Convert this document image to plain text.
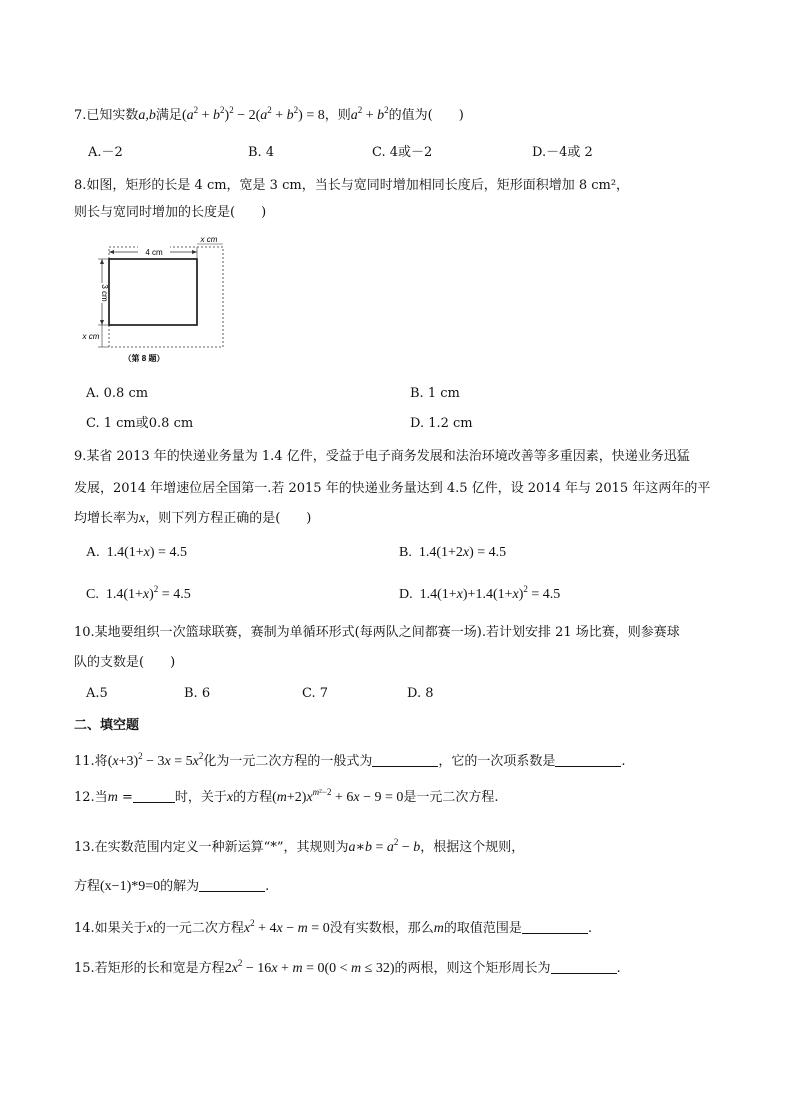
7.已知实数a,b满足$(a^2 + b^2)^2 - 2(a^2 + b^2) = 8$，则$a^2 + b^2$的值为(　　)
A.－2	B. 4	C. 4或－2	D.－4或 2
8.如图，矩形的长是 4 cm，宽是 3 cm，当长与宽同时增加相同长度后，矩形面积增加 8 cm²，
则长与宽同时增加的长度是(　　)
4 cm
x cm
3 cm
x cm
（第 8 题）
A. 0.8 cm	B. 1 cm
C. 1 cm或0.8 cm	D. 1.2 cm
9.某省 2013 年的快递业务量为 1.4 亿件，受益于电子商务发展和法治环境改善等多重因素，快递业务迅猛
发展，2014 年增速位居全国第一.若 2015 年的快递业务量达到 4.5 亿件，设 2014 年与 2015 年这两年的平
均增长率为x，则下列方程正确的是(　　)
A.  1.4(1+x) = 4.5	B.  1.4(1+2x) = 4.5
C.  $1.4(1+x)^2 = 4.5$	D.  $1.4(1+x)+1.4(1+x)^2 = 4.5$
10.某地要组织一次篮球联赛，赛制为单循环形式(每两队之间都赛一场).若计划安排 21 场比赛，则参赛球
队的支数是(　　)
A.5	B. 6	C. 7	D. 8
二、填空题
11.将$(x+3)^2 - 3x = 5x^2$化为一元二次方程的一般式为	，它的一次项系数是	.
12.当m =	时，关于x的方程$(m+2)x^{m^2-2} + 6x - 9 = 0$是一元二次方程.
13.在实数范围内定义一种新运算“*”，其规则为a∗b = $a^2 - b$，根据这个规则，
方程(x−1)*9=0的解为	.
14.如果关于x的一元二次方程$x^2 + 4x - m = 0$没有实数根，那么m的取值范围是	.
15.若矩形的长和宽是方程$2x^2 - 16x + m = 0(0 < m \le 32)$的两根，则这个矩形周长为	.
